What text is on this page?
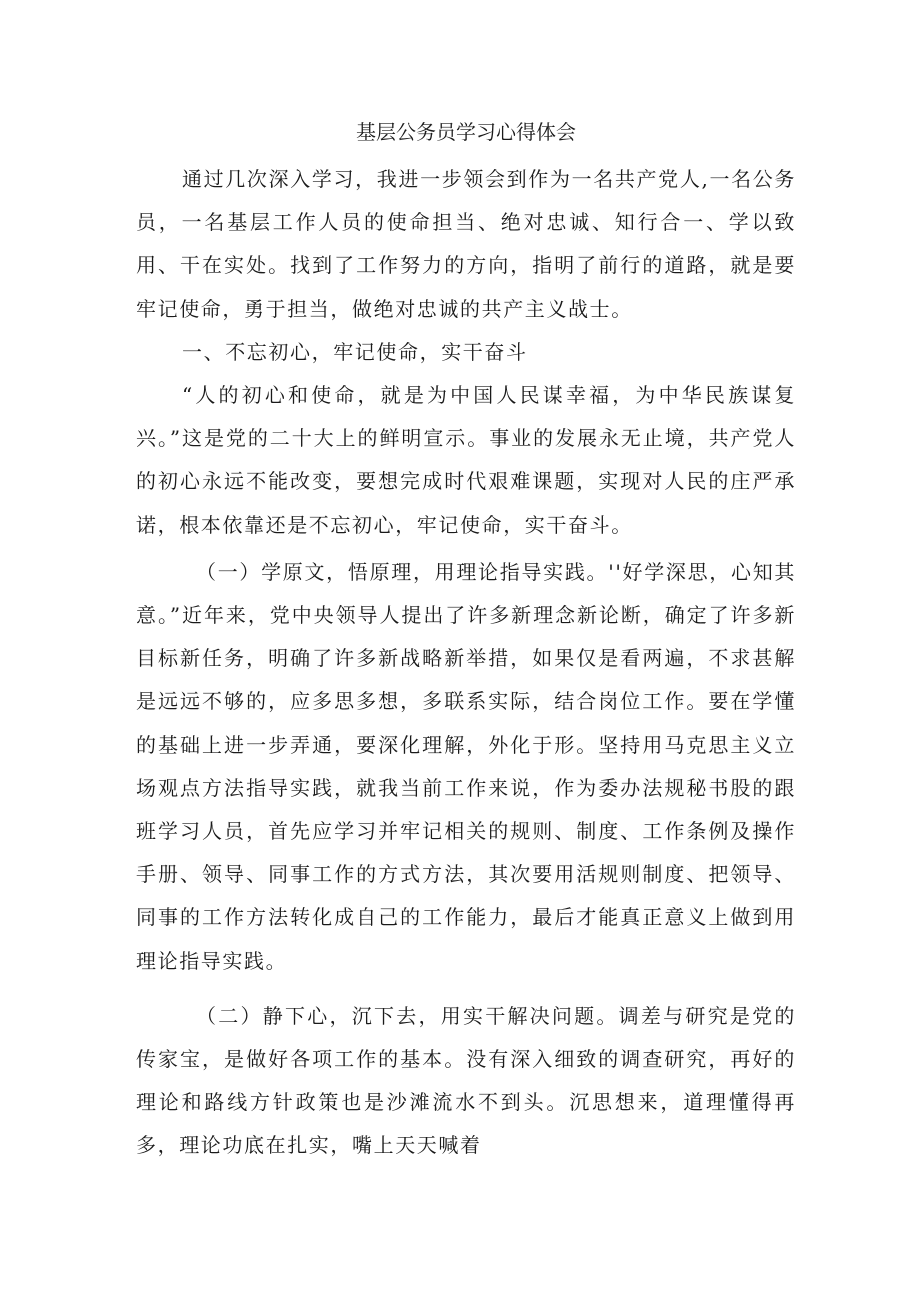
基层公务员学习心得体会

通过几次深入学习，我进一步领会到作为一名共产党人,一名公务员，一名基层工作人员的使命担当、绝对忠诚、知行合一、学以致用、干在实处。找到了工作努力的方向，指明了前行的道路，就是要牢记使命，勇于担当，做绝对忠诚的共产主义战士。

一、不忘初心，牢记使命，实干奋斗

“人的初心和使命，就是为中国人民谋幸福，为中华民族谋复兴。”这是党的二十大上的鲜明宣示。事业的发展永无止境，共产党人的初心永远不能改变，要想完成时代艰难课题，实现对人民的庄严承诺，根本依靠还是不忘初心，牢记使命，实干奋斗。

（一）学原文，悟原理，用理论指导实践。''好学深思，心知其意。”近年来，党中央领导人提出了许多新理念新论断，确定了许多新目标新任务，明确了许多新战略新举措，如果仅是看两遍，不求甚解是远远不够的，应多思多想，多联系实际，结合岗位工作。要在学懂的基础上进一步弄通，要深化理解，外化于形。坚持用马克思主义立场观点方法指导实践，就我当前工作来说，作为委办法规秘书股的跟班学习人员，首先应学习并牢记相关的规则、制度、工作条例及操作手册、领导、同事工作的方式方法，其次要用活规则制度、把领导、同事的工作方法转化成自己的工作能力，最后才能真正意义上做到用理论指导实践。

（二）静下心，沉下去，用实干解决问题。调差与研究是党的传家宝，是做好各项工作的基本。没有深入细致的调查研究，再好的理论和路线方针政策也是沙滩流水不到头。沉思想来，道理懂得再多，理论功底在扎实，嘴上天天喊着
